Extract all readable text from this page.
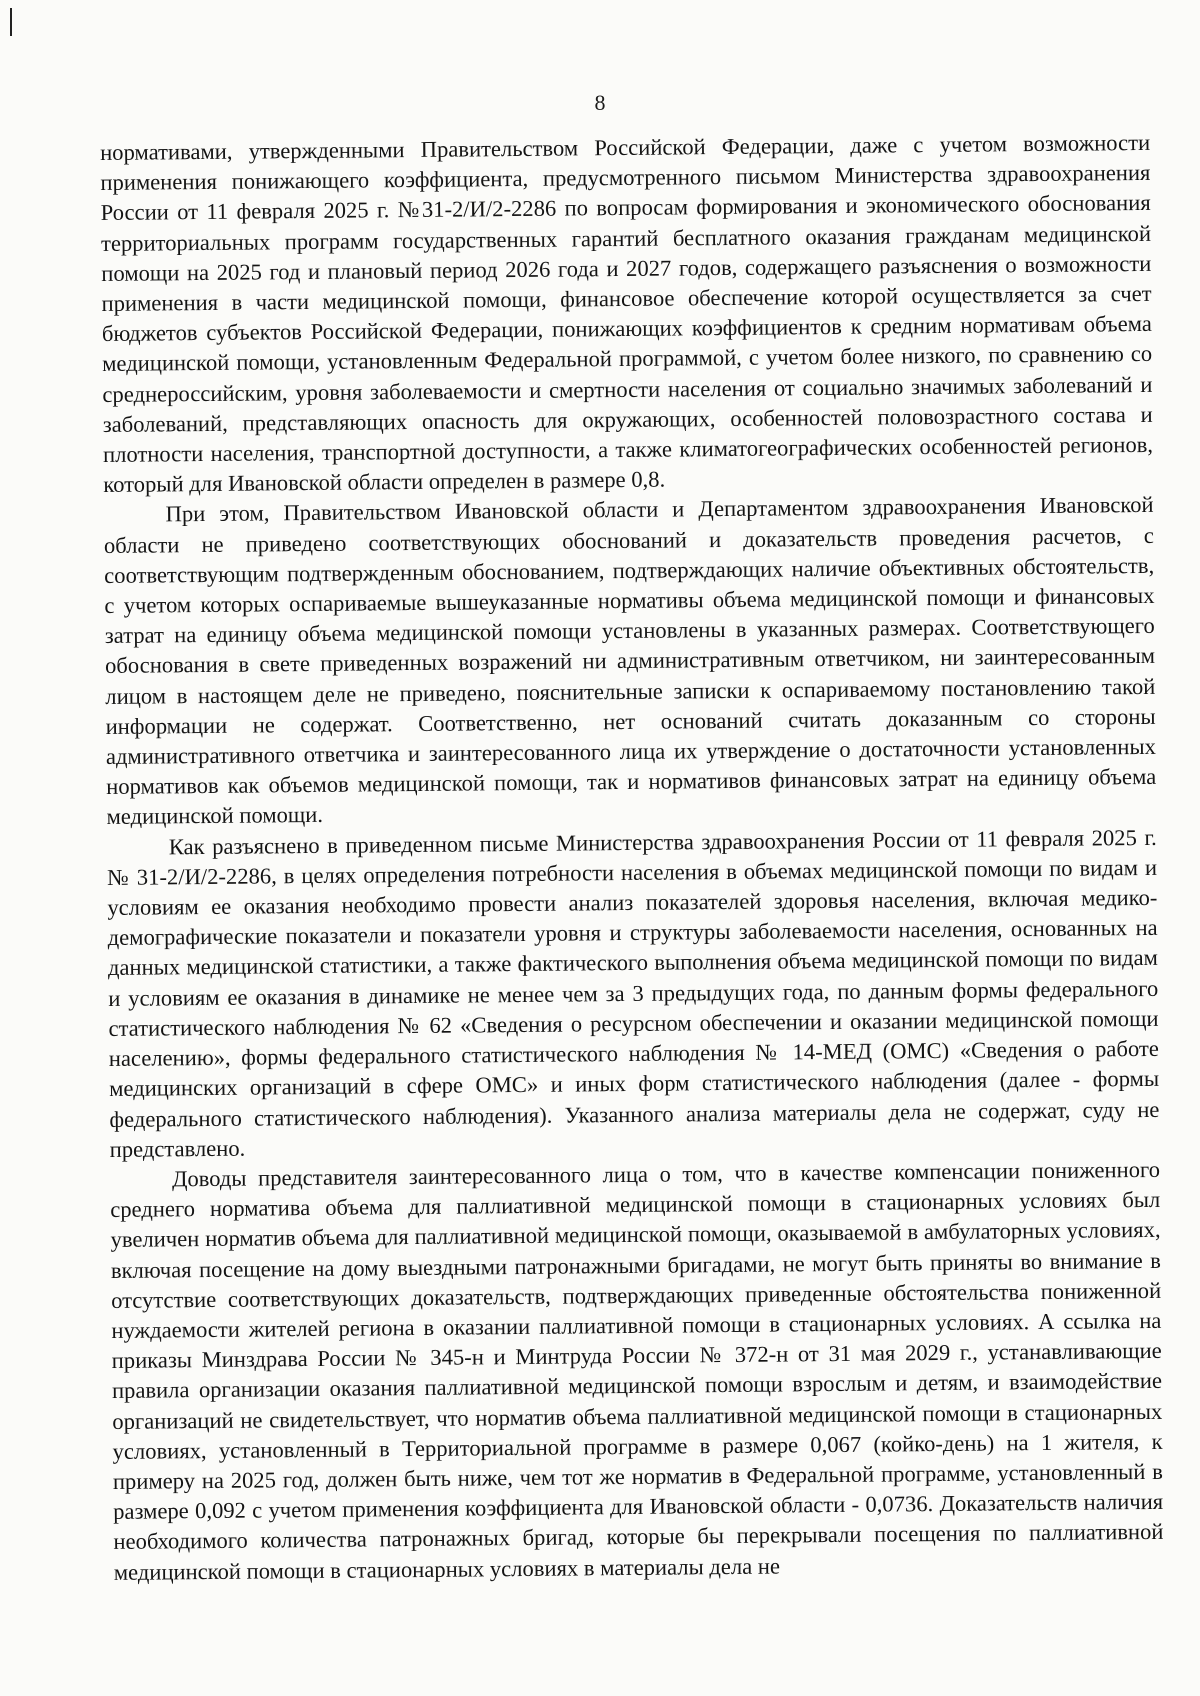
8

нормативами, утвержденными Правительством Российской Федерации, даже с учетом возможности применения понижающего коэффициента, предусмотренного письмом Министерства здравоохранения России от 11 февраля 2025 г. №31-2/И/2-2286 по вопросам формирования и экономического обоснования территориальных программ государственных гарантий бесплатного оказания гражданам медицинской помощи на 2025 год и плановый период 2026 года и 2027 годов, содержащего разъяснения о возможности применения в части медицинской помощи, финансовое обеспечение которой осуществляется за счет бюджетов субъектов Российской Федерации, понижающих коэффициентов к средним нормативам объема медицинской помощи, установленным Федеральной программой, с учетом более низкого, по сравнению со среднероссийским, уровня заболеваемости и смертности населения от социально значимых заболеваний и заболеваний, представляющих опасность для окружающих, особенностей половозрастного состава и плотности населения, транспортной доступности, а также климатогеографических особенностей регионов, который для Ивановской области определен в размере 0,8.

При этом, Правительством Ивановской области и Департаментом здравоохранения Ивановской области не приведено соответствующих обоснований и доказательств проведения расчетов, с соответствующим подтвержденным обоснованием, подтверждающих наличие объективных обстоятельств, с учетом которых оспариваемые вышеуказанные нормативы объема медицинской помощи и финансовых затрат на единицу объема медицинской помощи установлены в указанных размерах. Соответствующего обоснования в свете приведенных возражений ни административным ответчиком, ни заинтересованным лицом в настоящем деле не приведено, пояснительные записки к оспариваемому постановлению такой информации не содержат. Соответственно, нет оснований считать доказанным со стороны административного ответчика и заинтересованного лица их утверждение о достаточности установленных нормативов как объемов медицинской помощи, так и нормативов финансовых затрат на единицу объема медицинской помощи.

Как разъяснено в приведенном письме Министерства здравоохранения России от 11 февраля 2025 г. № 31-2/И/2-2286, в целях определения потребности населения в объемах медицинской помощи по видам и условиям ее оказания необходимо провести анализ показателей здоровья населения, включая медико-демографические показатели и показатели уровня и структуры заболеваемости населения, основанных на данных медицинской статистики, а также фактического выполнения объема медицинской помощи по видам и условиям ее оказания в динамике не менее чем за 3 предыдущих года, по данным формы федерального статистического наблюдения № 62 «Сведения о ресурсном обеспечении и оказании медицинской помощи населению», формы федерального статистического наблюдения № 14-МЕД (ОМС) «Сведения о работе медицинских организаций в сфере ОМС» и иных форм статистического наблюдения (далее - формы федерального статистического наблюдения). Указанного анализа материалы дела не содержат, суду не представлено.

Доводы представителя заинтересованного лица о том, что в качестве компенсации пониженного среднего норматива объема для паллиативной медицинской помощи в стационарных условиях был увеличен норматив объема для паллиативной медицинской помощи, оказываемой в амбулаторных условиях, включая посещение на дому выездными патронажными бригадами, не могут быть приняты во внимание в отсутствие соответствующих доказательств, подтверждающих приведенные обстоятельства пониженной нуждаемости жителей региона в оказании паллиативной помощи в стационарных условиях. А ссылка на приказы Минздрава России № 345-н и Минтруда России № 372-н от 31 мая 2029 г., устанавливающие правила организации оказания паллиативной медицинской помощи взрослым и детям, и взаимодействие организаций не свидетельствует, что норматив объема паллиативной медицинской помощи в стационарных условиях, установленный в Территориальной программе в размере 0,067 (койко-день) на 1 жителя, к примеру на 2025 год, должен быть ниже, чем тот же норматив в Федеральной программе, установленный в размере 0,092 с учетом применения коэффициента для Ивановской области - 0,0736. Доказательств наличия необходимого количества патронажных бригад, которые бы перекрывали посещения по паллиативной медицинской помощи в стационарных условиях в материалы дела не
